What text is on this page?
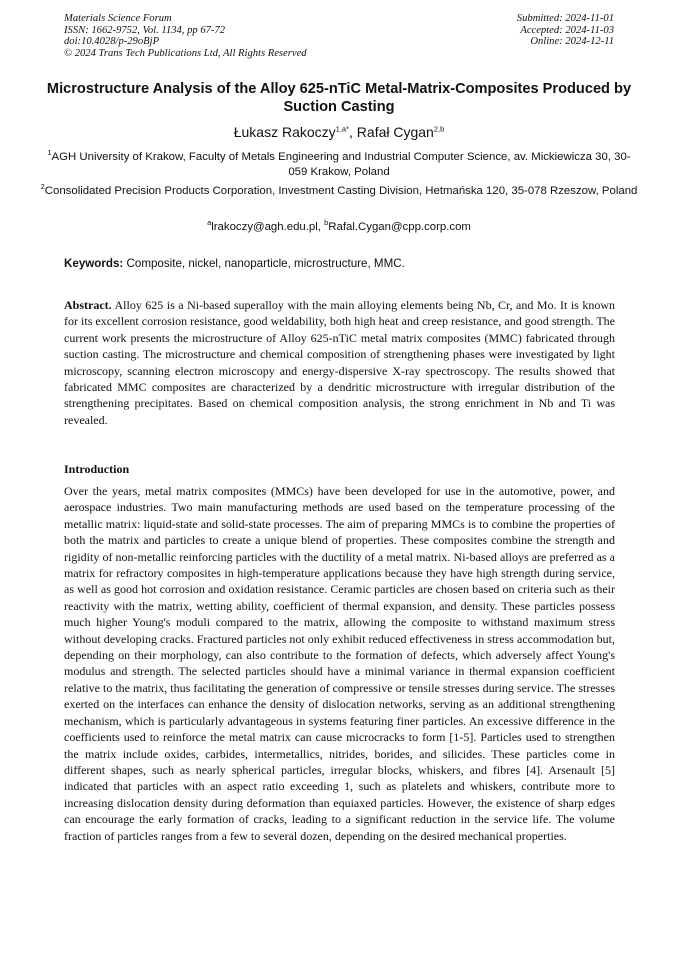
Materials Science Forum
ISSN: 1662-9752, Vol. 1134, pp 67-72
doi:10.4028/p-29oBjP
© 2024 Trans Tech Publications Ltd, All Rights Reserved
Submitted: 2024-11-01
Accepted: 2024-11-03
Online: 2024-12-11
Microstructure Analysis of the Alloy 625-nTiC Metal-Matrix-Composites Produced by Suction Casting
Łukasz Rakoczy$^{1,a*}$, Rafał Cygan$^{2,b}$
$^1$AGH University of Krakow, Faculty of Metals Engineering and Industrial Computer Science, av. Mickiewicza 30, 30-059 Krakow, Poland
$^2$Consolidated Precision Products Corporation, Investment Casting Division, Hetmańska 120, 35-078 Rzeszow, Poland
$^a$lrakoczy@agh.edu.pl, $^b$Rafal.Cygan@cpp.corp.com
Keywords: Composite, nickel, nanoparticle, microstructure, MMC.
Abstract. Alloy 625 is a Ni-based superalloy with the main alloying elements being Nb, Cr, and Mo. It is known for its excellent corrosion resistance, good weldability, both high heat and creep resistance, and good strength. The current work presents the microstructure of Alloy 625-nTiC metal matrix composites (MMC) fabricated through suction casting. The microstructure and chemical composition of strengthening phases were investigated by light microscopy, scanning electron microscopy and energy-dispersive X-ray spectroscopy. The results showed that fabricated MMC composites are characterized by a dendritic microstructure with irregular distribution of the strengthening precipitates. Based on chemical composition analysis, the strong enrichment in Nb and Ti was revealed.
Introduction
Over the years, metal matrix composites (MMCs) have been developed for use in the automotive, power, and aerospace industries. Two main manufacturing methods are used based on the temperature processing of the metallic matrix: liquid-state and solid-state processes. The aim of preparing MMCs is to combine the properties of both the matrix and particles to create a unique blend of properties. These composites combine the strength and rigidity of non-metallic reinforcing particles with the ductility of a metal matrix. Ni-based alloys are preferred as a matrix for refractory composites in high-temperature applications because they have high strength during service, as well as good hot corrosion and oxidation resistance. Ceramic particles are chosen based on criteria such as their reactivity with the matrix, wetting ability, coefficient of thermal expansion, and density. These particles possess much higher Young's moduli compared to the matrix, allowing the composite to withstand maximum stress without developing cracks. Fractured particles not only exhibit reduced effectiveness in stress accommodation but, depending on their morphology, can also contribute to the formation of defects, which adversely affect Young's modulus and strength. The selected particles should have a minimal variance in thermal expansion coefficient relative to the matrix, thus facilitating the generation of compressive or tensile stresses during service. The stresses exerted on the interfaces can enhance the density of dislocation networks, serving as an additional strengthening mechanism, which is particularly advantageous in systems featuring finer particles. An excessive difference in the coefficients used to reinforce the metal matrix can cause microcracks to form [1-5]. Particles used to strengthen the matrix include oxides, carbides, intermetallics, nitrides, borides, and silicides. These particles come in different shapes, such as nearly spherical particles, irregular blocks, whiskers, and fibres [4]. Arsenault [5] indicated that particles with an aspect ratio exceeding 1, such as platelets and whiskers, contribute more to increasing dislocation density during deformation than equiaxed particles. However, the existence of sharp edges can encourage the early formation of cracks, leading to a significant reduction in the service life. The volume fraction of particles ranges from a few to several dozen, depending on the desired mechanical properties.
